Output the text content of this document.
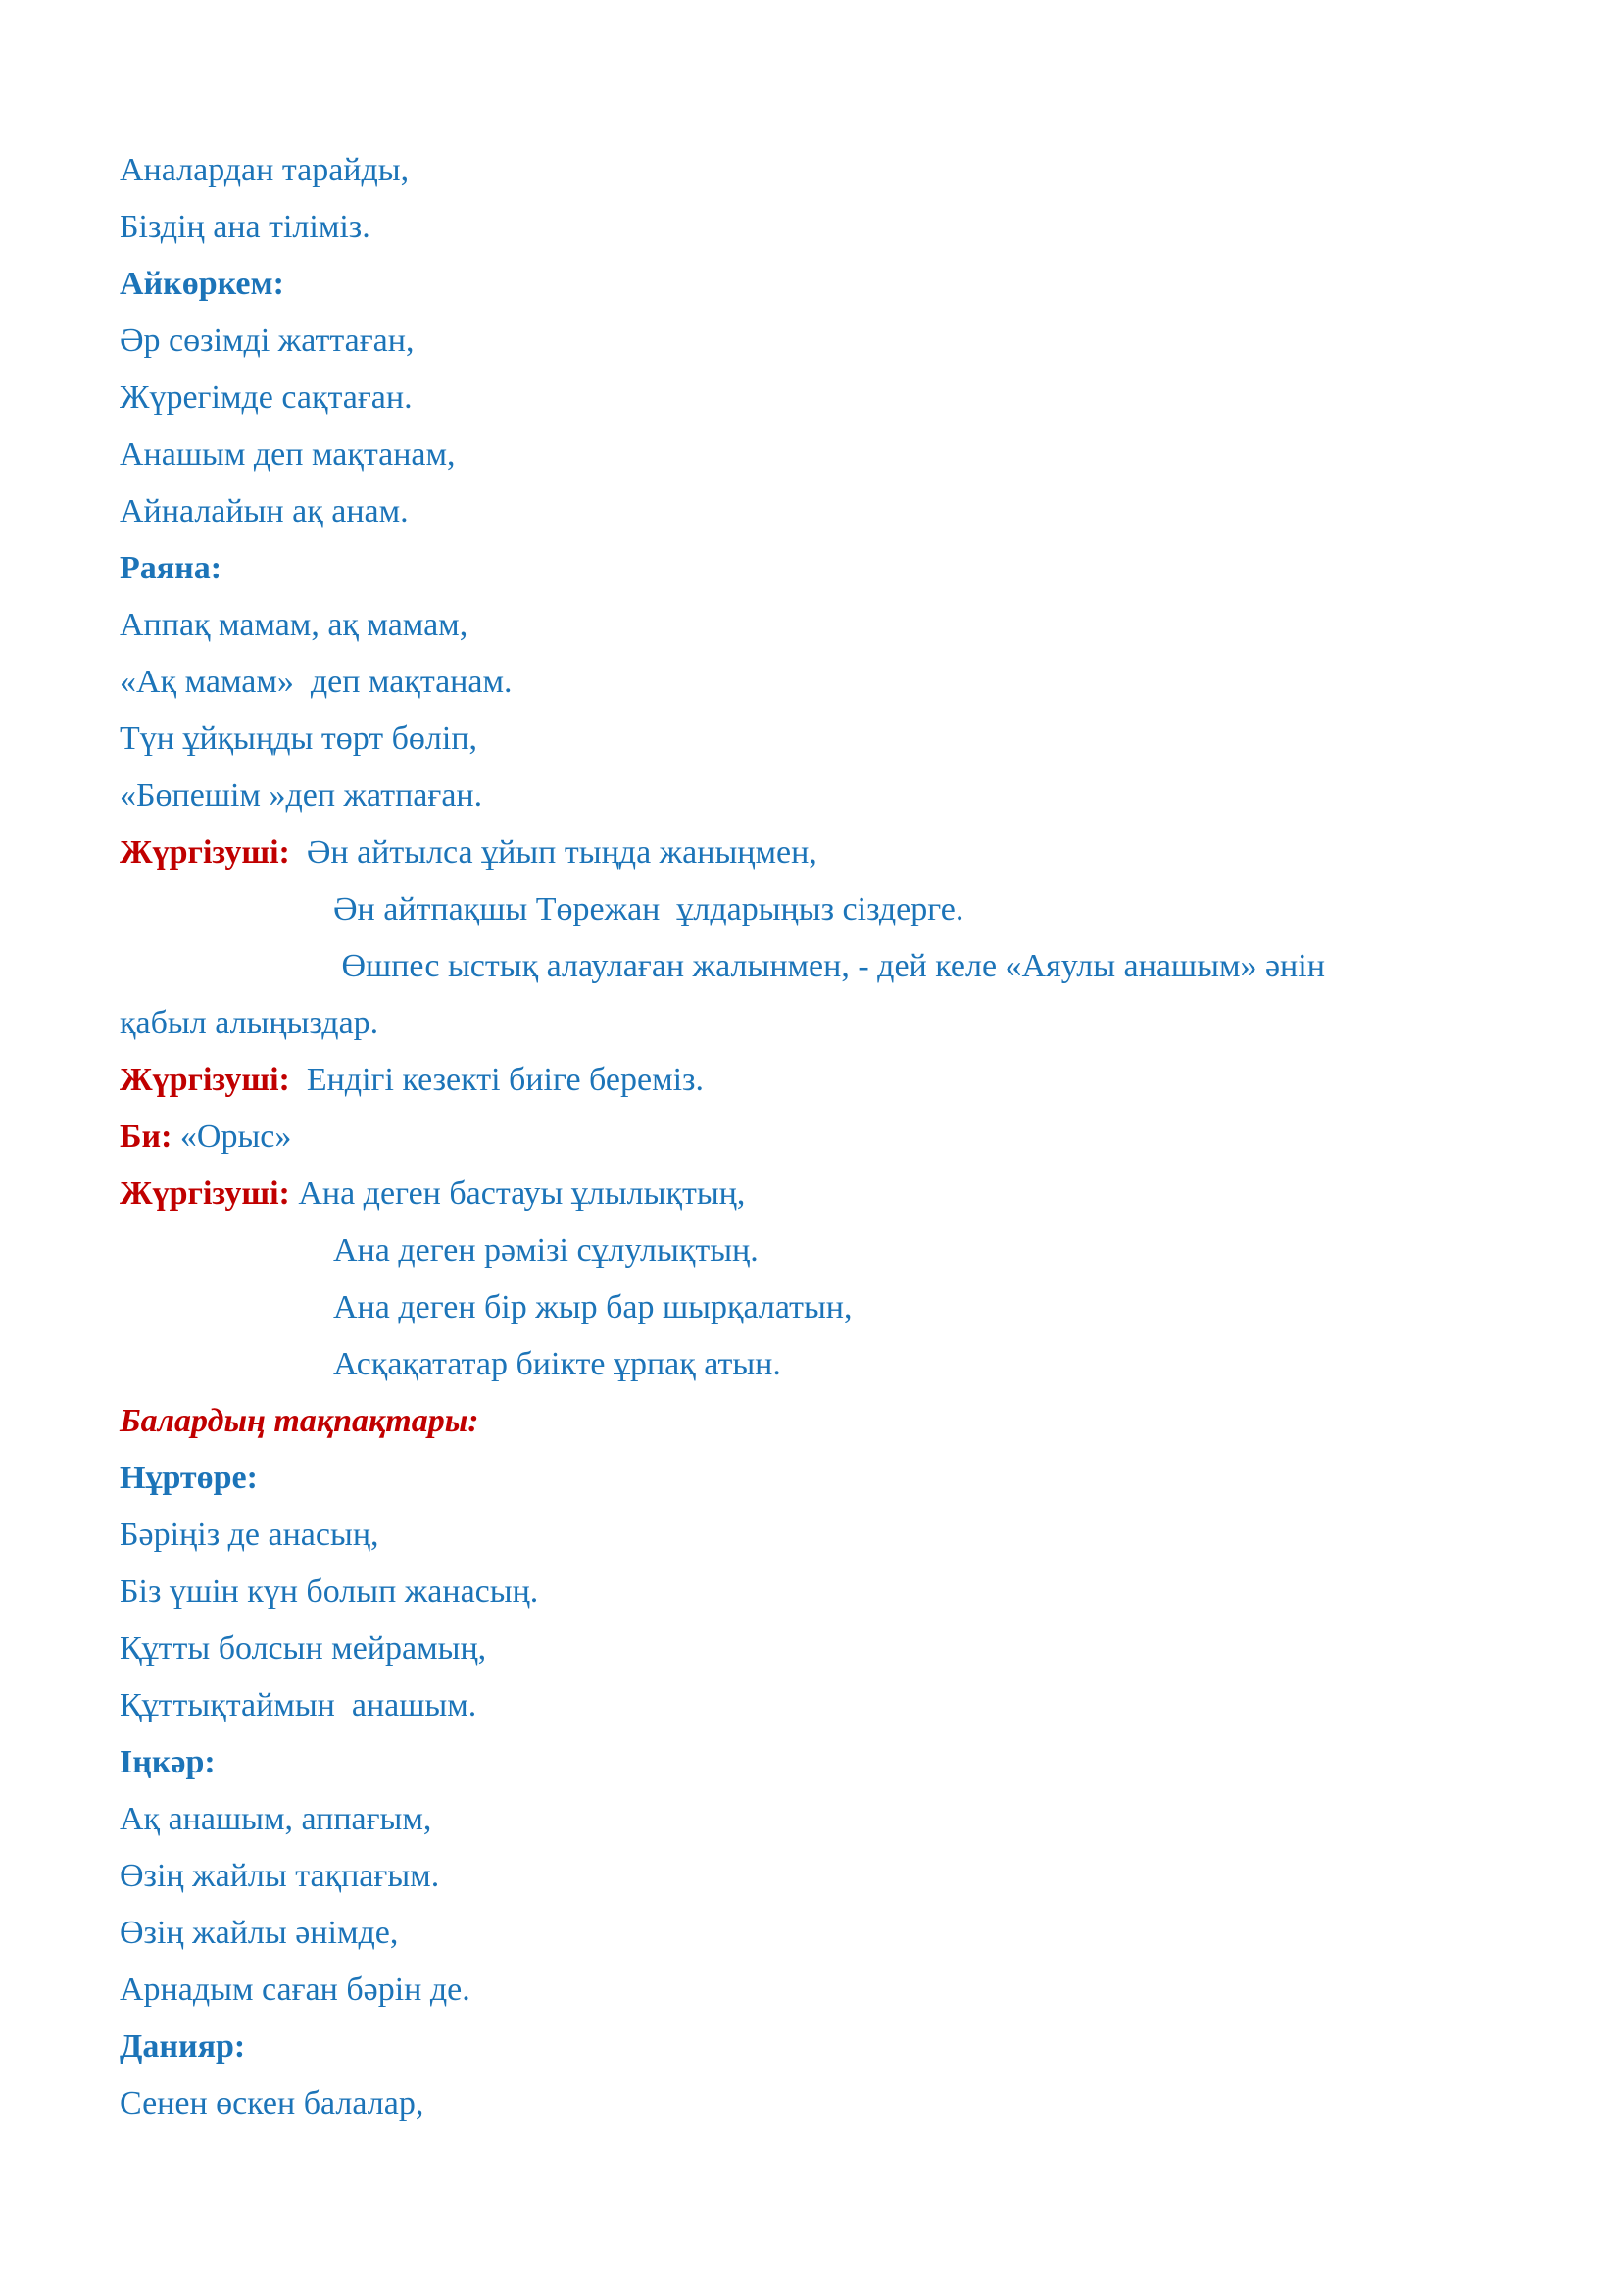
Аналардан тарайды,

Біздің ана тіліміз.

Айкөркем:

Әр сөзімді жаттаған,

Жүрегімде сақтаған.

Анашым деп мақтанам,

Айналайын ақ анам.

Раяна:

Аппақ мамам, ақ мамам,

«Ақ мамам»  деп мақтанам.

Түн ұйқыңды төрт бөліп,

«Бөпешім »деп жатпаған.

Жүргізуші:  Ән айтылса ұйып тыңда жаныңмен,

Ән айтпақшы Төрежан  ұлдарыңыз сіздерге.

Өшпес ыстық алаулаған жалынмен, - дей келе «Аяулы анашым» әнін

қабыл алыңыздар.

Жүргізуші:  Ендігі кезекті биіге береміз.

Би: «Орыс»

Жүргізуші: Ана деген бастауы ұлылықтың,

Ана деген рәмізі сұлулықтың.

Ана деген бір жыр бар шырқалатын,

Асқақататар биікте ұрпақ атын.

Балардың тақпақтары:

Нұртөре:

Бәріңіз де анасың,

Біз үшін күн болып жанасың.

Құтты болсын мейрамың,

Құттықтаймын  анашым.

Іңкәр:

Ақ анашым, аппағым,

Өзің жайлы тақпағым.

Өзің жайлы әнімде,

Арнадым саған бәрін де.

Данияр:

Сенен өскен балалар,
